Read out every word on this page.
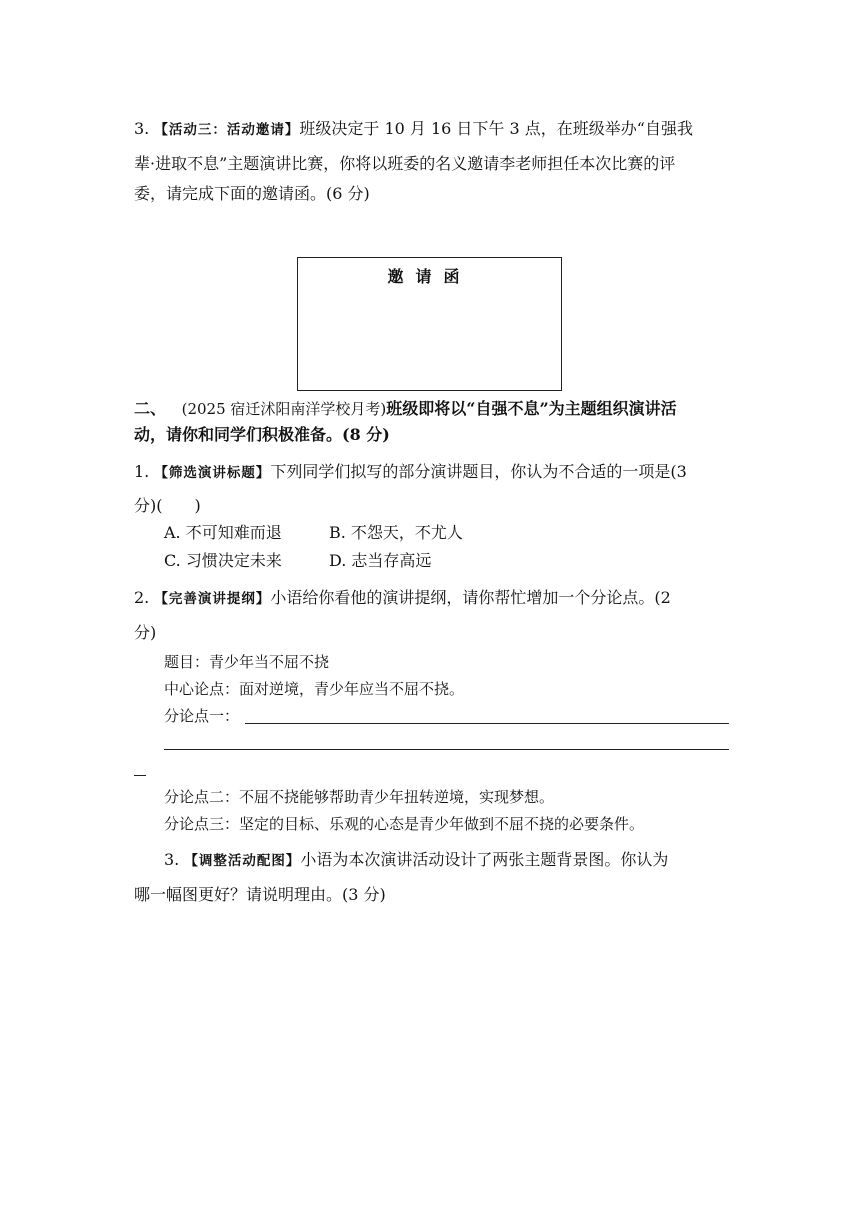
3. 【活动三：活动邀请】班级决定于 10 月 16 日下午 3 点，在班级举办“自强我
辈·进取不息”主题演讲比赛，你将以班委的名义邀请李老师担任本次比赛的评
委，请完成下面的邀请函。(6 分)
邀请函
二、 (2025 宿迁沭阳南洋学校月考)班级即将以“自强不息”为主题组织演讲活
动，请你和同学们积极准备。(8 分)
1. 【筛选演讲标题】下列同学们拟写的部分演讲题目，你认为不合适的一项是(3
分)(　　)
A. 不可知难而退	B. 不怨天，不尤人
C. 习惯决定未来	D. 志当存高远
2. 【完善演讲提纲】小语给你看他的演讲提纲，请你帮忙增加一个分论点。(2
分)
题目：青少年当不屈不挠
中心论点：面对逆境，青少年应当不屈不挠。
分论点一：
分论点二：不屈不挠能够帮助青少年扭转逆境，实现梦想。
分论点三：坚定的目标、乐观的心态是青少年做到不屈不挠的必要条件。
3. 【调整活动配图】小语为本次演讲活动设计了两张主题背景图。你认为
哪一幅图更好？请说明理由。(3 分)
